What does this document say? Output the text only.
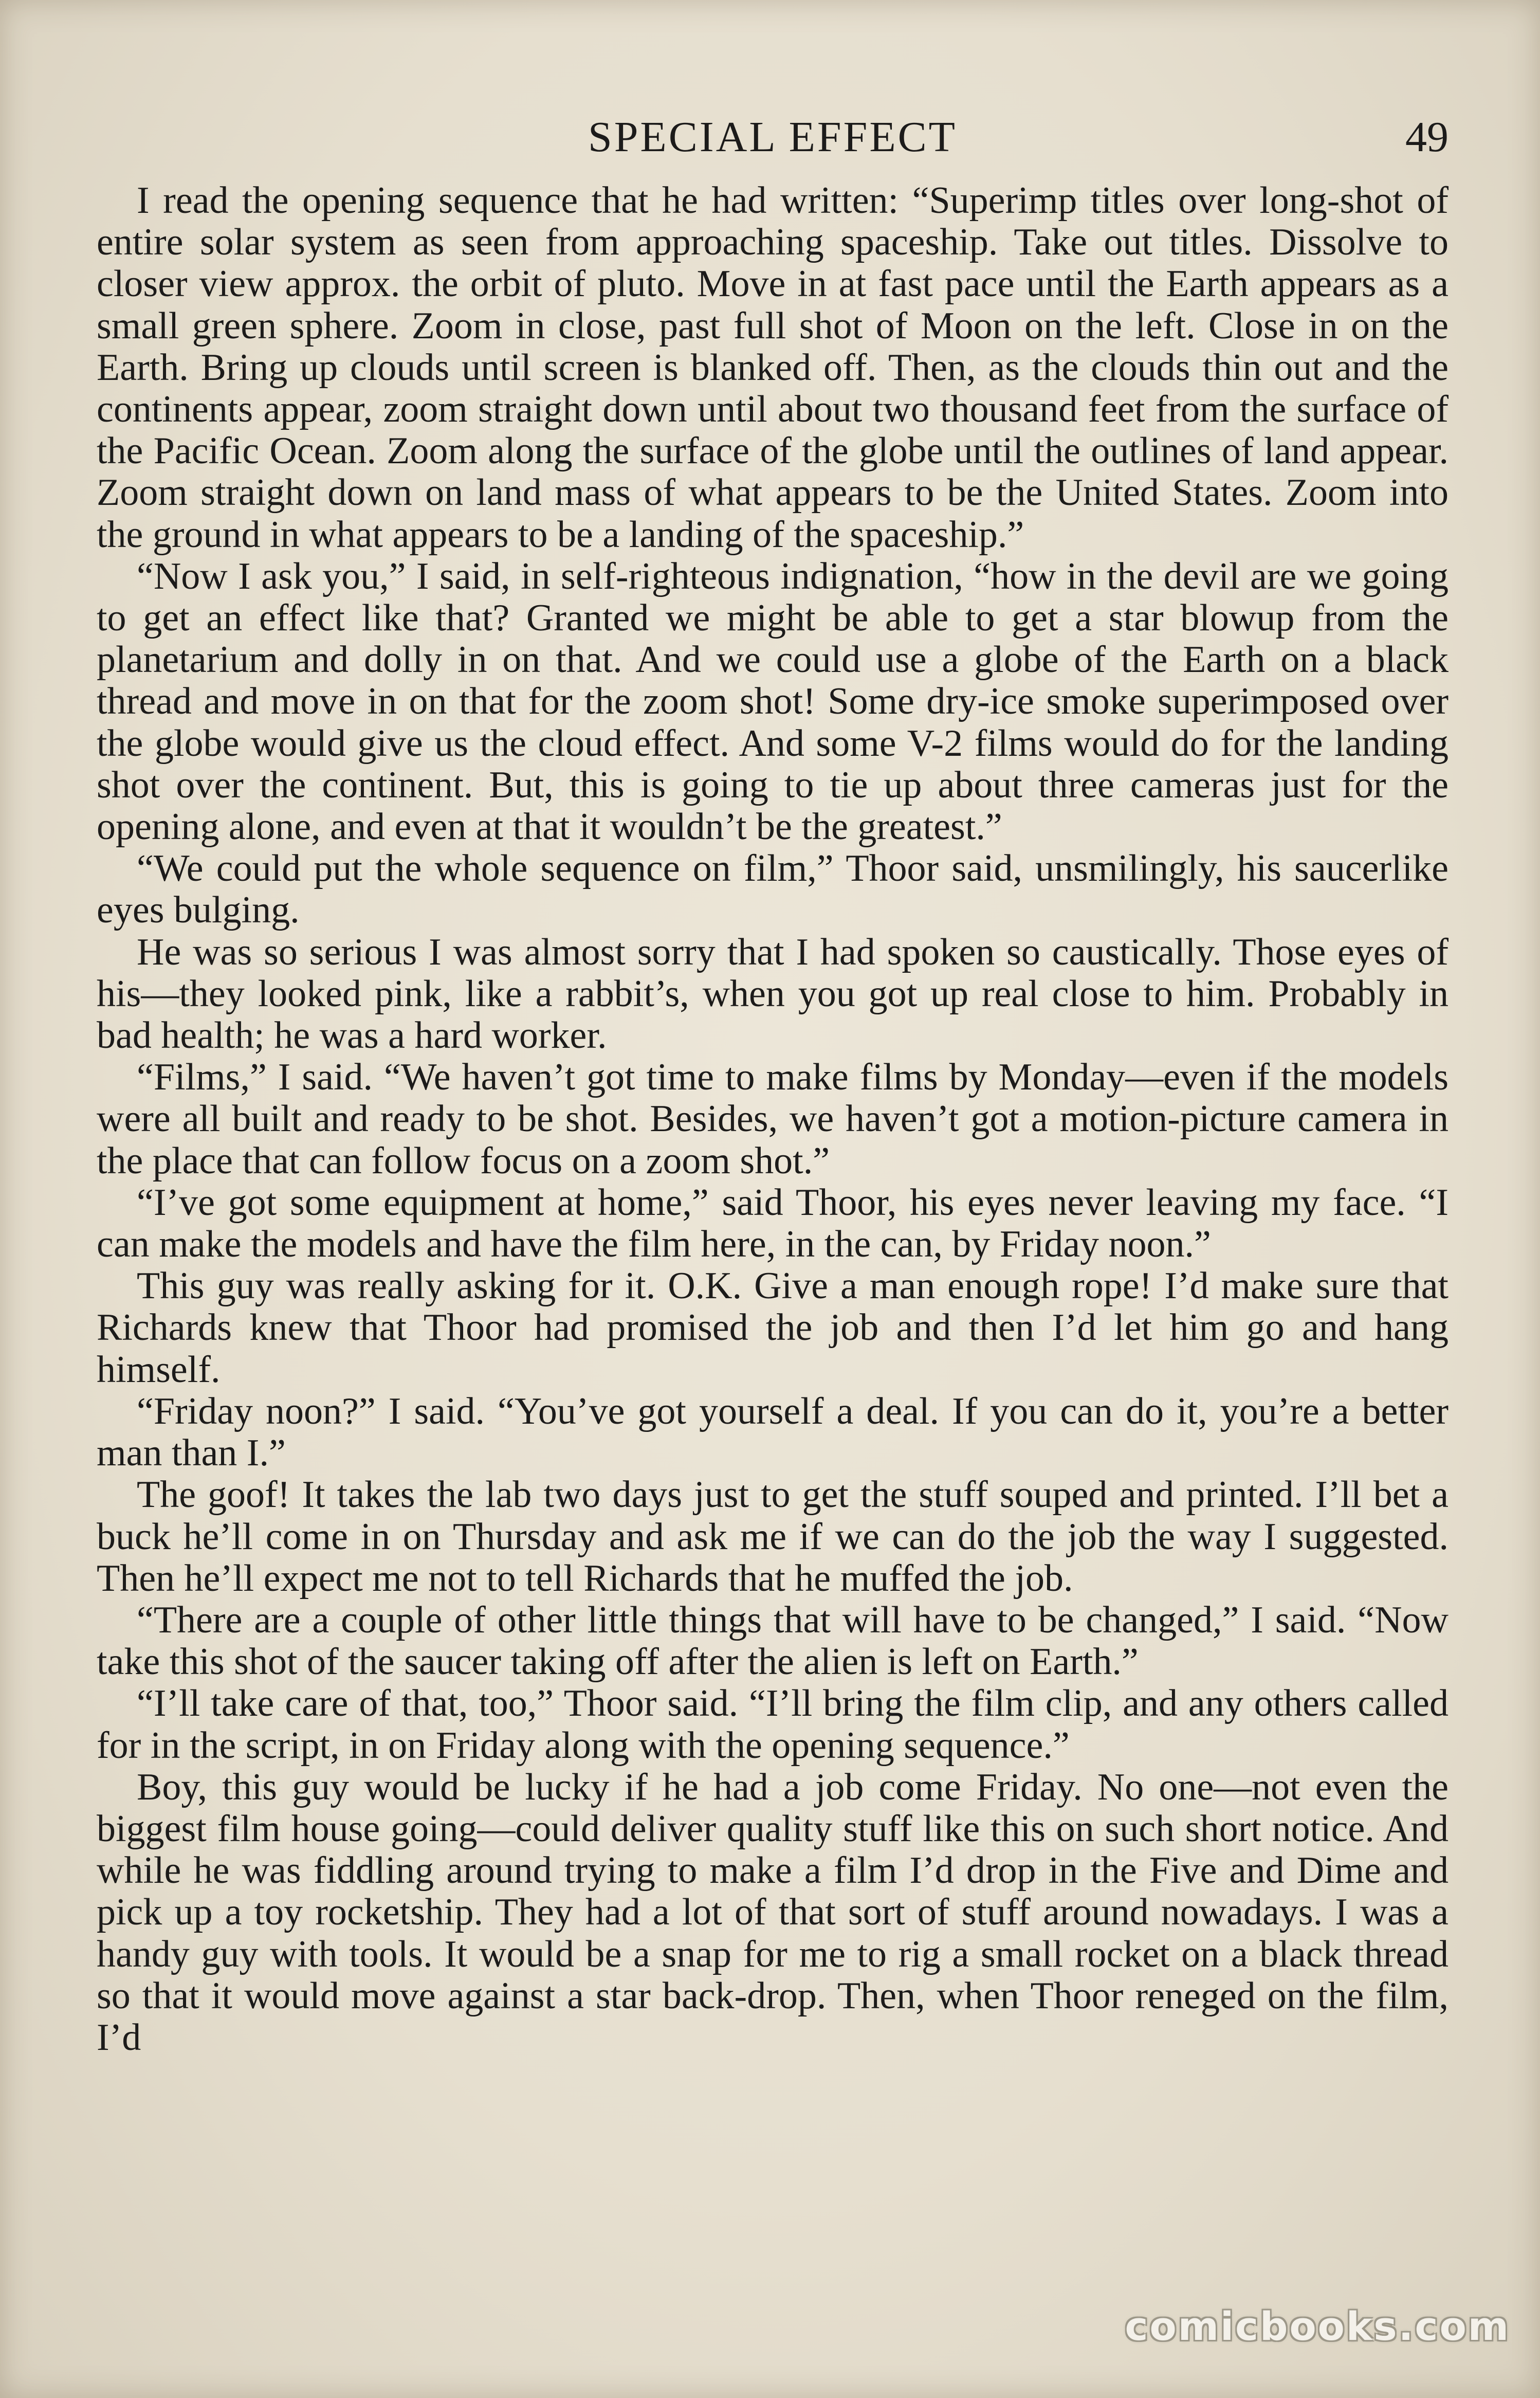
SPECIAL EFFECT	49

I read the opening sequence that he had written: “Superimp titles over long-shot of entire solar system as seen from approaching spaceship. Take out titles. Dissolve to closer view approx. the orbit of pluto. Move in at fast pace until the Earth appears as a small green sphere. Zoom in close, past full shot of Moon on the left. Close in on the Earth. Bring up clouds until screen is blanked off. Then, as the clouds thin out and the continents appear, zoom straight down until about two thousand feet from the surface of the Pacific Ocean. Zoom along the surface of the globe until the outlines of land appear. Zoom straight down on land mass of what appears to be the United States. Zoom into the ground in what appears to be a landing of the spaceship.”

“Now I ask you,” I said, in self-righteous indignation, “how in the devil are we going to get an effect like that? Granted we might be able to get a star blowup from the planetarium and dolly in on that. And we could use a globe of the Earth on a black thread and move in on that for the zoom shot! Some dry-ice smoke superimposed over the globe would give us the cloud effect. And some V-2 films would do for the landing shot over the continent. But, this is going to tie up about three cameras just for the opening alone, and even at that it wouldn’t be the greatest.”

“We could put the whole sequence on film,” Thoor said, unsmilingly, his saucerlike eyes bulging.

He was so serious I was almost sorry that I had spoken so caustically. Those eyes of his—they looked pink, like a rabbit’s, when you got up real close to him. Probably in bad health; he was a hard worker.

“Films,” I said. “We haven’t got time to make films by Monday—even if the models were all built and ready to be shot. Besides, we haven’t got a motion-picture camera in the place that can follow focus on a zoom shot.”

“I’ve got some equipment at home,” said Thoor, his eyes never leaving my face. “I can make the models and have the film here, in the can, by Friday noon.”

This guy was really asking for it. O.K. Give a man enough rope! I’d make sure that Richards knew that Thoor had promised the job and then I’d let him go and hang himself.

“Friday noon?” I said. “You’ve got yourself a deal. If you can do it, you’re a better man than I.”

The goof! It takes the lab two days just to get the stuff souped and printed. I’ll bet a buck he’ll come in on Thursday and ask me if we can do the job the way I suggested. Then he’ll expect me not to tell Richards that he muffed the job.

“There are a couple of other little things that will have to be changed,” I said. “Now take this shot of the saucer taking off after the alien is left on Earth.”

“I’ll take care of that, too,” Thoor said. “I’ll bring the film clip, and any others called for in the script, in on Friday along with the opening sequence.”

Boy, this guy would be lucky if he had a job come Friday. No one—not even the biggest film house going—could deliver quality stuff like this on such short notice. And while he was fiddling around trying to make a film I’d drop in the Five and Dime and pick up a toy rocketship. They had a lot of that sort of stuff around nowadays. I was a handy guy with tools. It would be a snap for me to rig a small rocket on a black thread so that it would move against a star back-drop. Then, when Thoor reneged on the film, I’d

comicbooks.com
